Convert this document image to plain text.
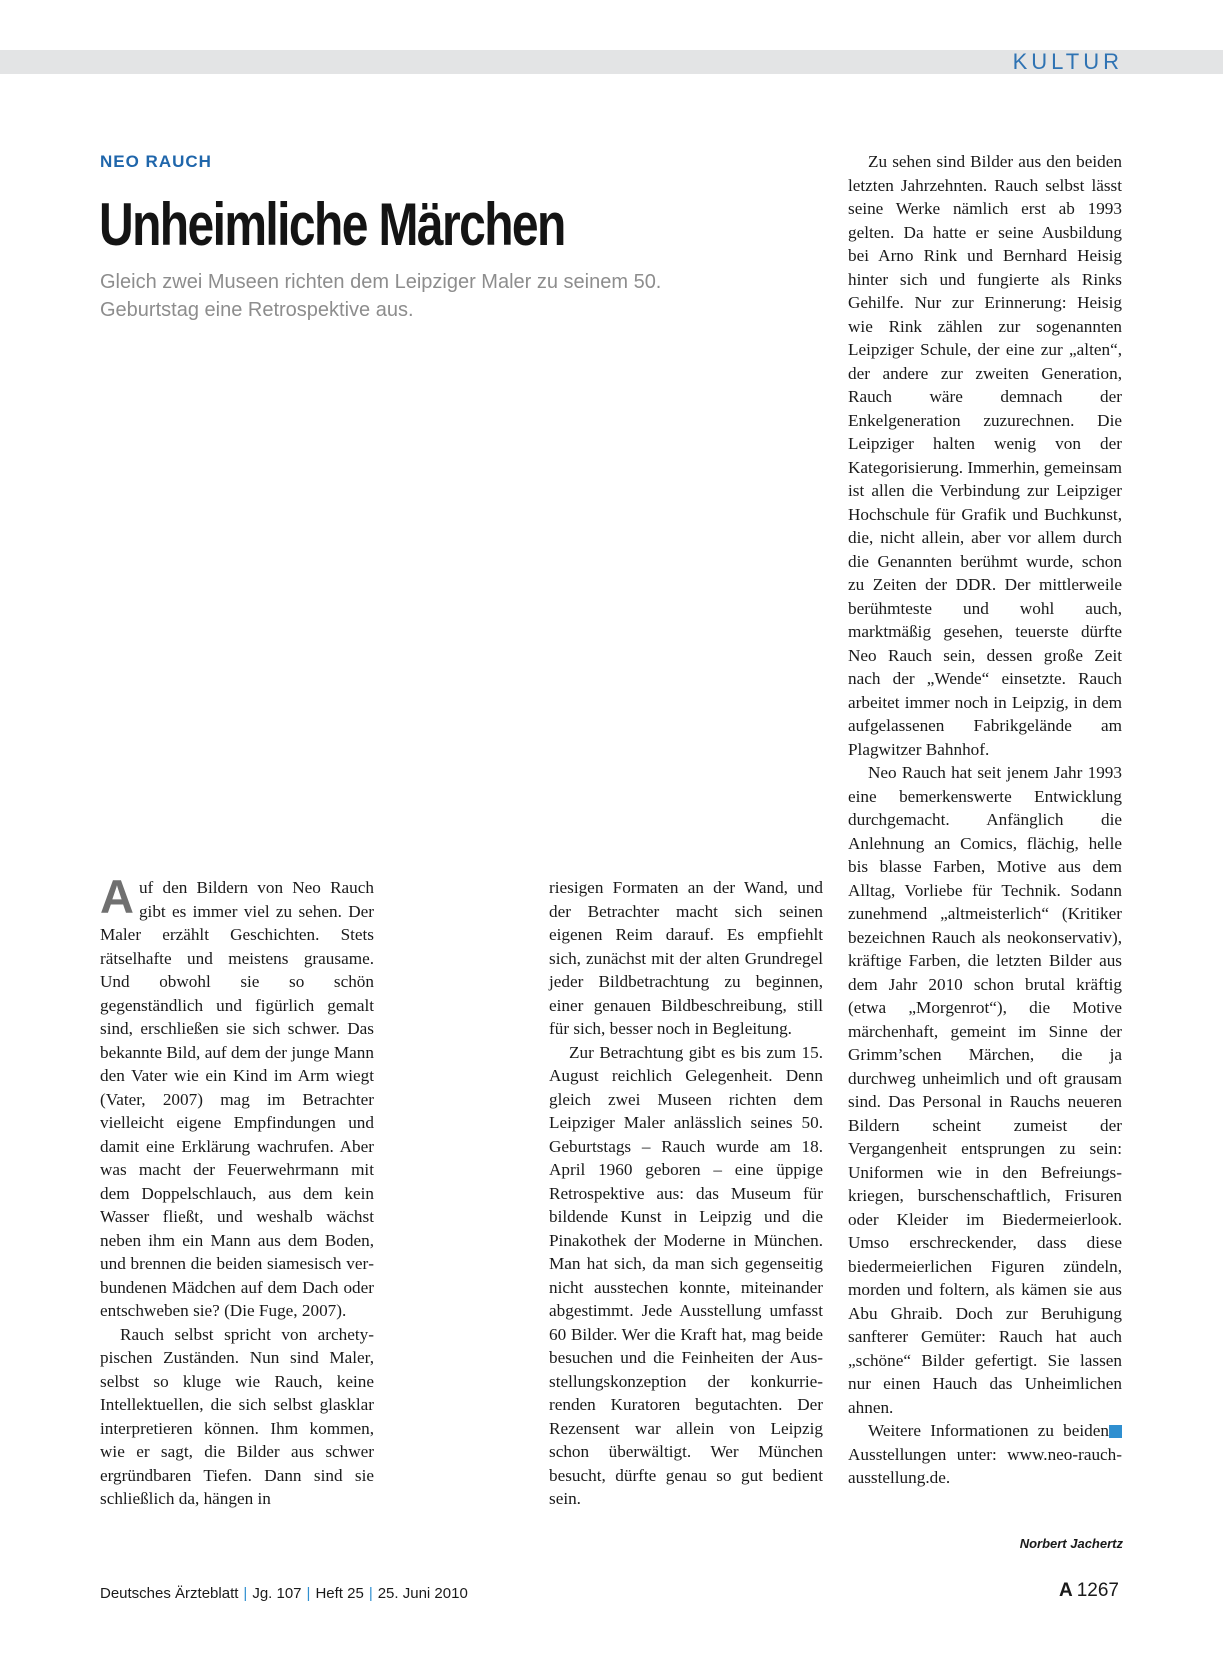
KULTUR
NEO RAUCH
Unheimliche Märchen

Gleich zwei Museen richten dem Leipziger Maler zu seinem 50. Geburtstag eine Retrospektive aus.

Auf den Bildern von Neo Rauch gibt es immer viel zu sehen. Der Maler erzählt Geschichten. Stets rätselhafte und meistens grausame. Und obwohl sie so schön gegenständlich und figürlich gemalt sind, erschließen sie sich schwer. Das bekannte Bild, auf dem der junge Mann den Vater wie ein Kind im Arm wiegt (Vater, 2007) mag im Betrachter vielleicht eigene Empfindungen und damit eine Erklärung wachrufen. Aber was macht der Feuerwehrmann mit dem Doppelschlauch, aus dem kein Wasser fließt, und weshalb wächst neben ihm ein Mann aus dem Boden, und brennen die beiden siamesisch verbundenen Mädchen auf dem Dach oder entschweben sie? (Die Fuge, 2007).

Rauch selbst spricht von archetypischen Zuständen. Nun sind Maler, selbst so kluge wie Rauch, keine Intellektuellen, die sich selbst glasklar interpretieren können. Ihm kommen, wie er sagt, die Bilder aus schwer ergründbaren Tiefen. Dann sind sie schließlich da, hängen in

riesigen Formaten an der Wand, und der Betrachter macht sich seinen eigenen Reim darauf. Es empfiehlt sich, zunächst mit der alten Grundregel jeder Bildbetrachtung zu beginnen, einer genauen Bildbeschreibung, still für sich, besser noch in Begleitung.

Zur Betrachtung gibt es bis zum 15. August reichlich Gelegenheit. Denn gleich zwei Museen richten dem Leipziger Maler anlässlich seines 50. Geburtstags – Rauch wurde am 18. April 1960 geboren – eine üppige Retrospektive aus: das Museum für bildende Kunst in Leipzig und die Pinakothek der Moderne in München. Man hat sich, da man sich gegenseitig nicht ausstechen konnte, miteinander abgestimmt. Jede Ausstellung umfasst 60 Bilder. Wer die Kraft hat, mag beide besuchen und die Feinheiten der Ausstellungskonzeption der konkurrierenden Kuratoren begutachten. Der Rezensent war allein von Leipzig schon überwältigt. Wer München besucht, dürfte genau so gut bedient sein.

Zu sehen sind Bilder aus den beiden letzten Jahrzehnten. Rauch selbst lässt seine Werke nämlich erst ab 1993 gelten. Da hatte er seine Ausbildung bei Arno Rink und Bernhard Heisig hinter sich und fungierte als Rinks Gehilfe. Nur zur Erinnerung: Heisig wie Rink zählen zur sogenannten Leipziger Schule, der eine zur „alten“, der andere zur zweiten Generation, Rauch wäre demnach der Enkelgeneration zuzurechnen. Die Leipziger halten wenig von der Kategorisierung. Immerhin, gemeinsam ist allen die Verbindung zur Leipziger Hochschule für Grafik und Buchkunst, die, nicht allein, aber vor allem durch die Genannten berühmt wurde, schon zu Zeiten der DDR. Der mittlerweile berühmteste und wohl auch, marktmäßig gesehen, teuerste dürfte Neo Rauch sein, dessen große Zeit nach der „Wende“ einsetzte. Rauch arbeitet immer noch in Leipzig, in dem aufgelassenen Fabrikgelände am Plagwitzer Bahnhof.

Neo Rauch hat seit jenem Jahr 1993 eine bemerkenswerte Entwicklung durchgemacht. Anfänglich die Anlehnung an Comics, flächig, helle bis blasse Farben, Motive aus dem Alltag, Vorliebe für Technik. Sodann zunehmend „altmeisterlich“ (Kritiker bezeichnen Rauch als neokonservativ), kräftige Farben, die letzten Bilder aus dem Jahr 2010 schon brutal kräftig (etwa „Morgenrot“), die Motive märchenhaft, gemeint im Sinne der Grimm’schen Märchen, die ja durchweg unheimlich und oft grausam sind. Das Personal in Rauchs neueren Bildern scheint zumeist der Vergangenheit entsprungen zu sein: Uniformen wie in den Befreiungskriegen, burschenschaftlich, Frisuren oder Kleider im Biedermeierlook. Umso erschreckender, dass diese biedermeierlichen Figuren zündeln, morden und foltern, als kämen sie aus Abu Ghraib. Doch zur Beruhigung sanfterer Gemüter: Rauch hat auch „schöne“ Bilder gefertigt. Sie lassen nur einen Hauch das Unheimlichen ahnen.

Weitere Informationen zu beiden Ausstellungen unter: www.neo-rauch-ausstellung.de.

Norbert Jachertz
Deutsches Ärzteblatt | Jg. 107 | Heft 25 | 25. Juni 2010	A 1267
